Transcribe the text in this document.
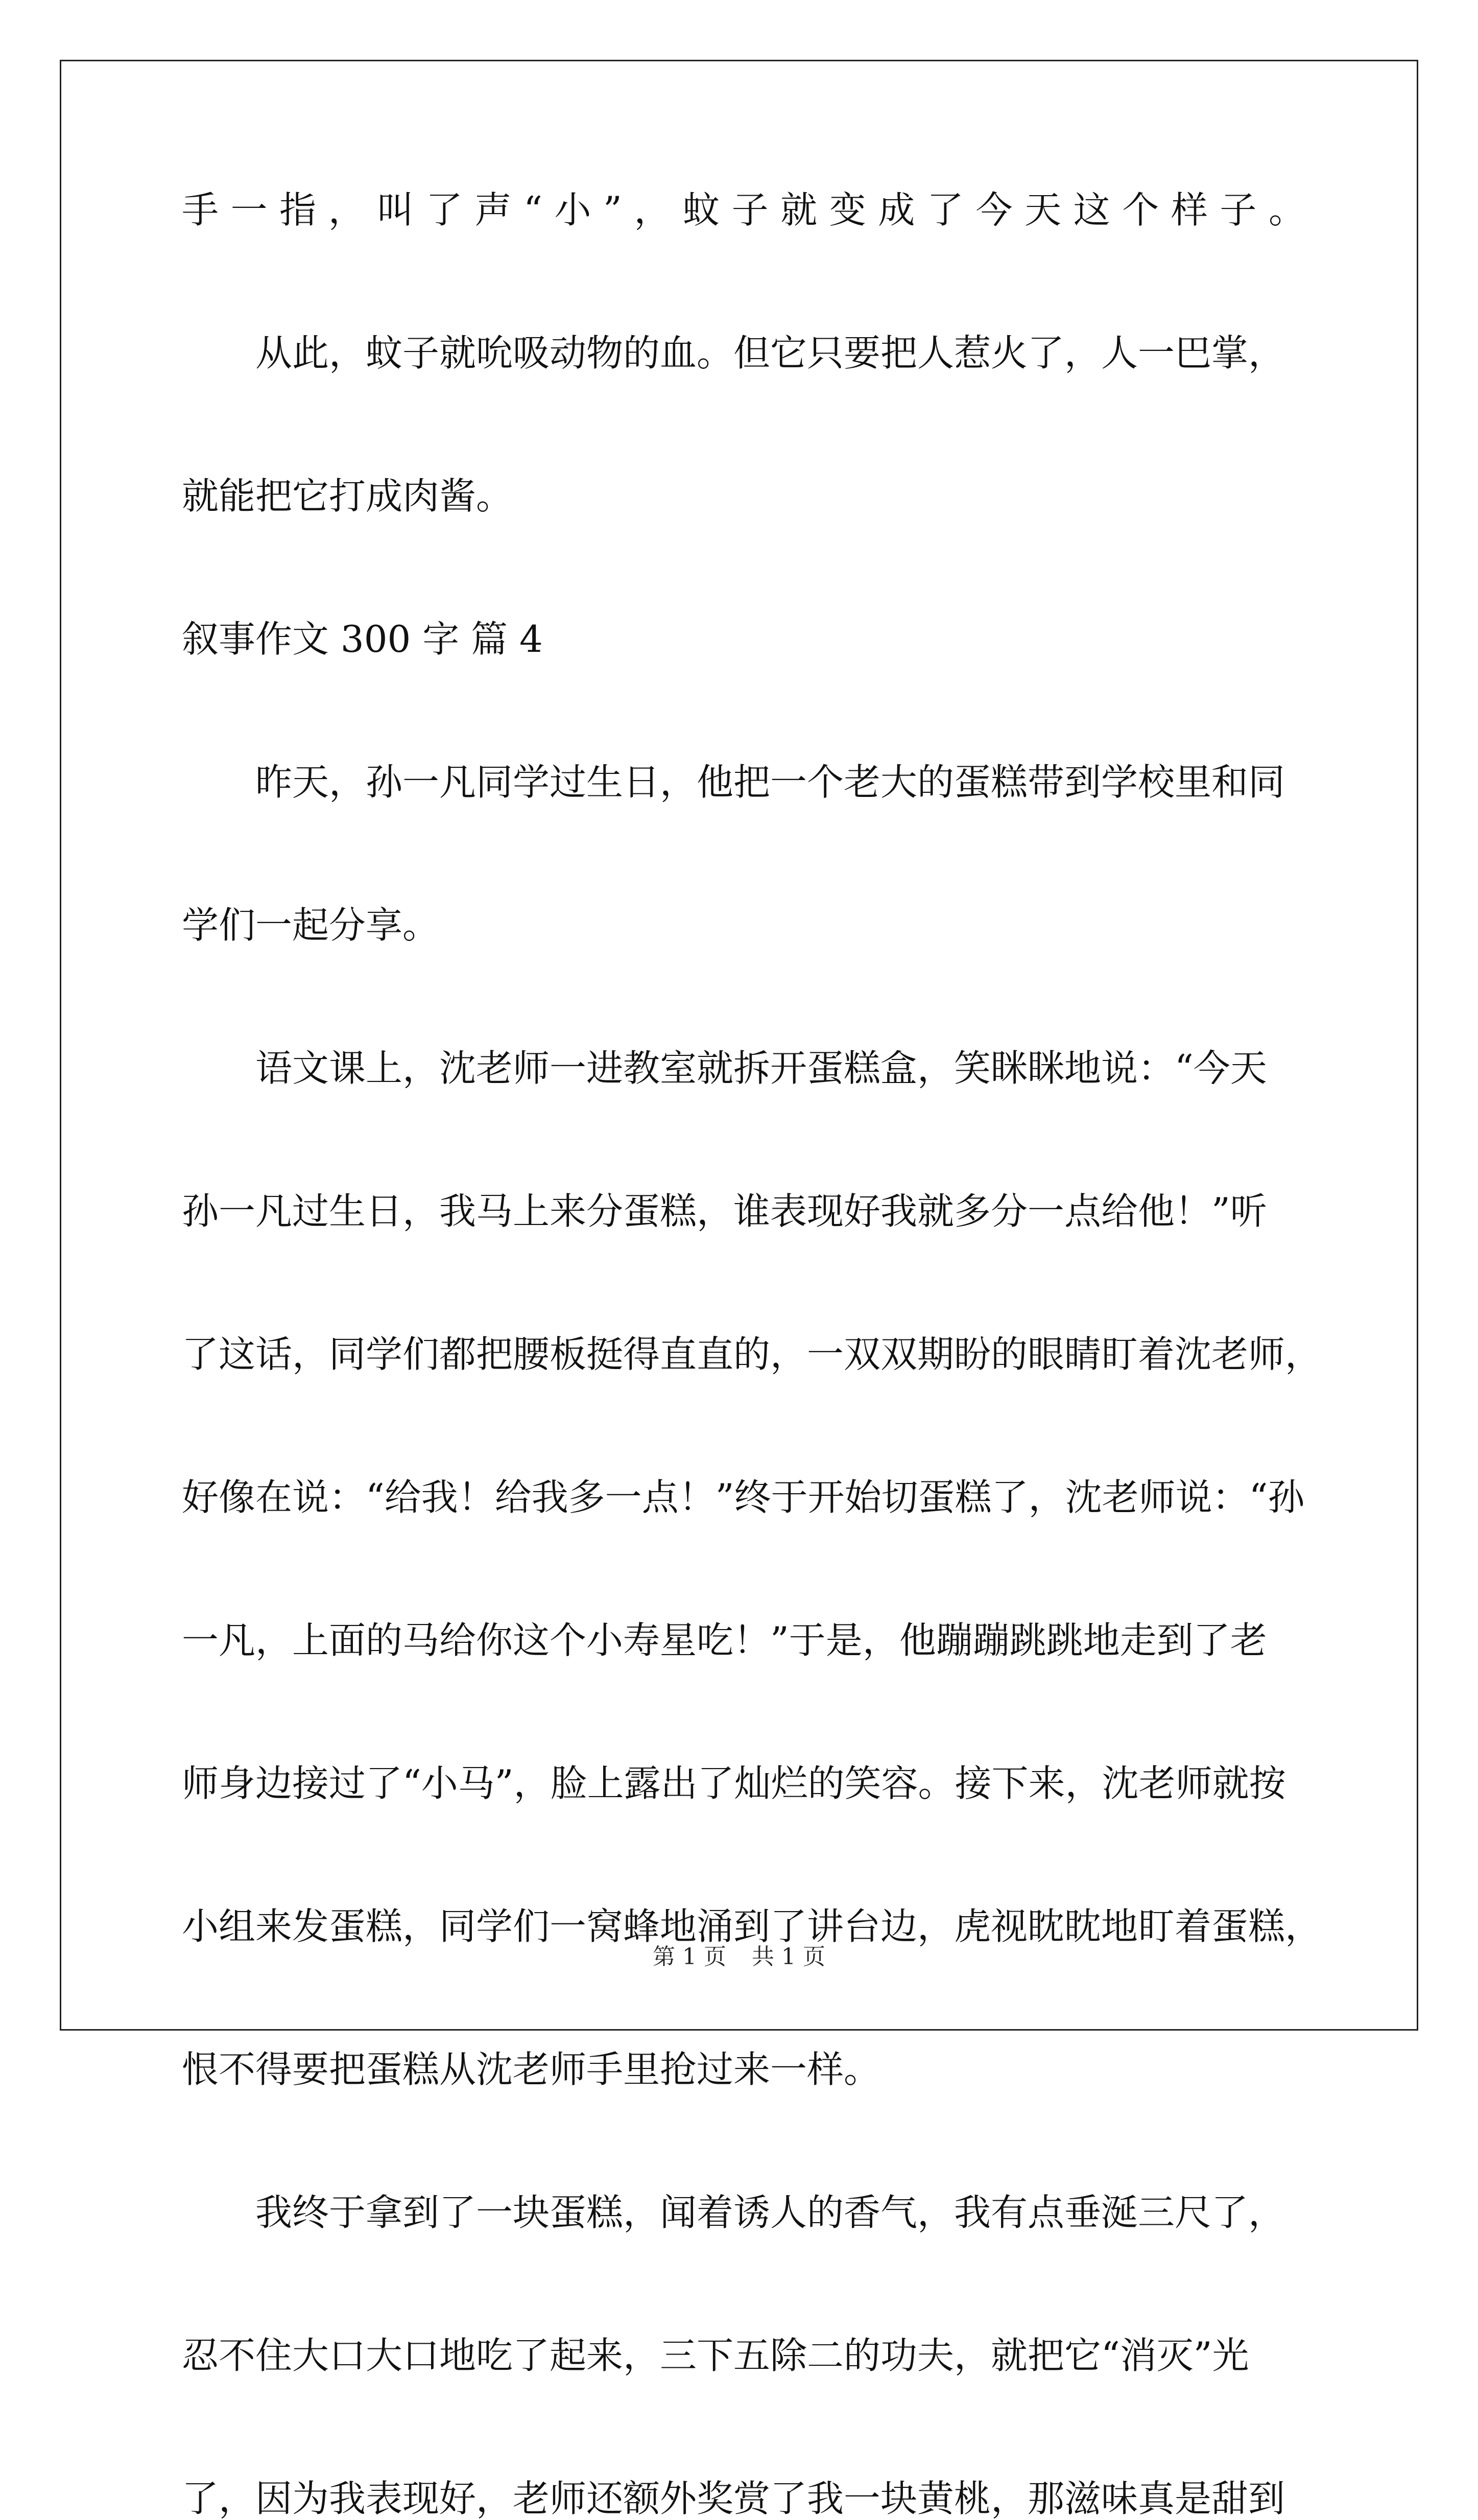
手一指，叫了声“小”，蚊子就变成了今天这个样子。
从此，蚊子就吮吸动物的血。但它只要把人惹火了，人一巴掌，
就能把它打成肉酱。
叙事作文 300 字 篇 4
昨天，孙一凡同学过生日，他把一个老大的蛋糕带到学校里和同
学们一起分享。
语文课上，沈老师一进教室就拆开蛋糕盒，笑眯眯地说：“今天
孙一凡过生日，我马上来分蛋糕，谁表现好我就多分一点给他！”听
了这话，同学们都把腰板挺得直直的，一双双期盼的眼睛盯着沈老师，
好像在说：“给我！给我多一点！”终于开始切蛋糕了，沈老师说：“孙
一凡，上面的马给你这个小寿星吃！”于是，他蹦蹦跳跳地走到了老
师身边接过了“小马”，脸上露出了灿烂的笑容。接下来，沈老师就按
小组来发蛋糕，同学们一窝蜂地涌到了讲台边，虎视眈眈地盯着蛋糕，
恨不得要把蛋糕从沈老师手里抢过来一样。
我终于拿到了一块蛋糕，闻着诱人的香气，我有点垂涎三尺了，
忍不住大口大口地吃了起来，三下五除二的功夫，就把它“消灭”光
了，因为我表现好，老师还额外奖赏了我一块黄桃，那滋味真是甜到
第 1 页 共 1 页
